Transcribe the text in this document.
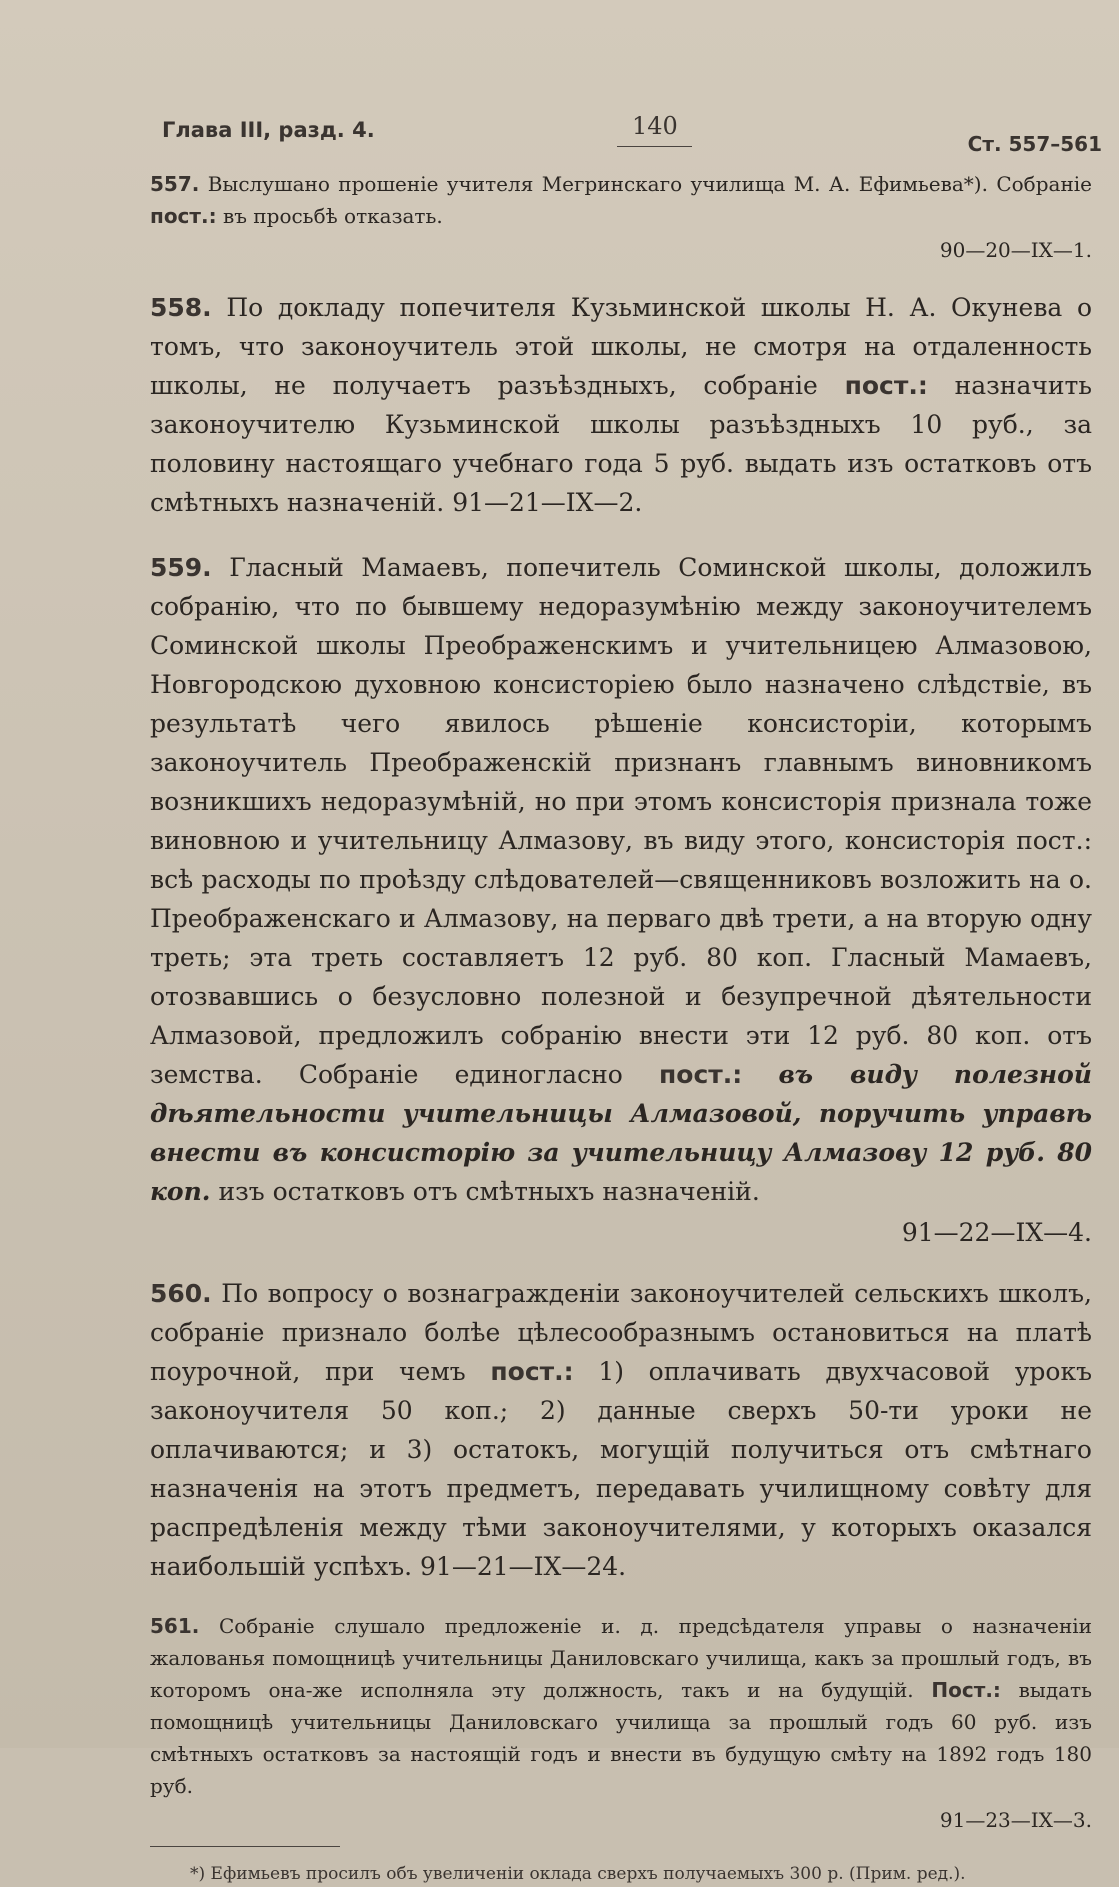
Глава III, разд. 4.	140
Ст. 557–561

557. Выслушано прошеніе учителя Мегринскаго училища М. А. Ефимьева*). Собраніе пост.: въ просьбѣ отказать.
90—20—IX—1.

558. По докладу попечителя Кузьминской школы Н. А. Окунева о томъ, что законоучитель этой школы, не смотря на отдаленность школы, не получаетъ разъѣздныхъ, собраніе пост.: назначить законоучителю Кузьминской школы разъѣздныхъ 10 руб., за половину настоящаго учебнаго года 5 руб. выдать изъ остатковъ отъ смѣтныхъ назначеній. 91—21—IX—2.

559. Гласный Мамаевъ, попечитель Соминской школы, доложилъ собранію, что по бывшему недоразумѣнію между законоучителемъ Соминской школы Преображенскимъ и учительницею Алмазовою, Новгородскою духовною консисторіею было назначено слѣдствіе, въ результатѣ чего явилось рѣшеніе консисторіи, которымъ законоучитель Преображенскій признанъ главнымъ виновникомъ возникшихъ недоразумѣній, но при этомъ консисторія признала тоже виновною и учительницу Алмазову, въ виду этого, консисторія пост.: всѣ расходы по проѣзду слѣдователей—священниковъ возложить на о. Преображенскаго и Алмазову, на перваго двѣ трети, а на вторую одну треть; эта треть составляетъ 12 руб. 80 коп. Гласный Мамаевъ, отозвавшись о безусловно полезной и безупречной дѣятельности Алмазовой, предложилъ собранію внести эти 12 руб. 80 коп. отъ земства. Собраніе единогласно пост.: въ виду полезной дѣятельности учительницы Алмазовой, поручить управѣ внести въ консисторію за учительницу Алмазову 12 руб. 80 коп. изъ остатковъ отъ смѣтныхъ назначеній.
91—22—IX—4.

560. По вопросу о вознагражденіи законоучителей сельскихъ школъ, собраніе признало болѣе цѣлесообразнымъ остановиться на платѣ поурочной, при чемъ пост.: 1) оплачивать двухчасовой урокъ законоучителя 50 коп.; 2) данные сверхъ 50-ти уроки не оплачиваются; и 3) остатокъ, могущій получиться отъ смѣтнаго назначенія на этотъ предметъ, передавать училищному совѣту для распредѣленія между тѣми законоучителями, у которыхъ оказался наибольшій успѣхъ. 91—21—IX—24.

561. Собраніе слушало предложеніе и. д. предсѣдателя управы о назначеніи жалованья помощницѣ учительницы Даниловскаго училища, какъ за прошлый годъ, въ которомъ она-же исполняла эту должность, такъ и на будущій. Пост.: выдать помощницѣ учительницы Даниловскаго училища за прошлый годъ 60 руб. изъ смѣтныхъ остатковъ за настоящій годъ и внести въ будущую смѣту на 1892 годъ 180 руб.
91—23—IX—3.

*) Ефимьевъ просилъ объ увеличеніи оклада сверхъ получаемыхъ 300 р. (Прим. ред.).
